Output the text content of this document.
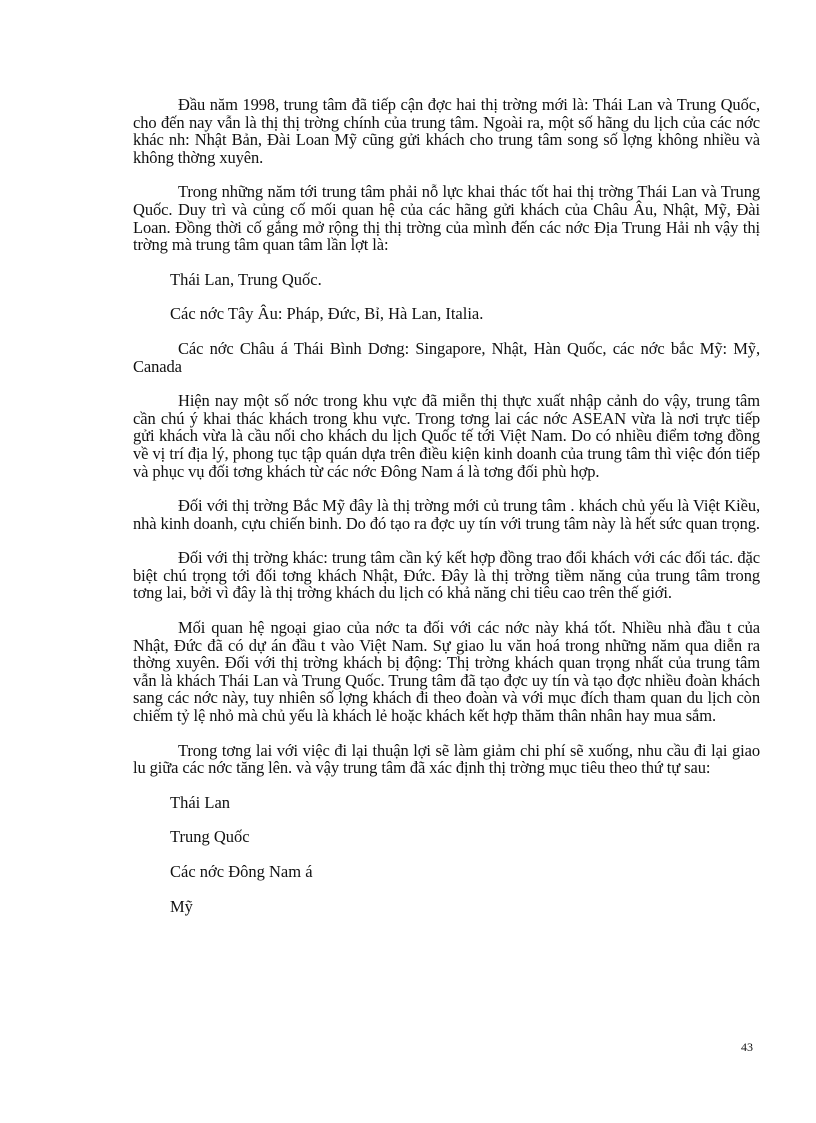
Đầu năm 1998, trung tâm đã tiếp cận đợc hai thị trờng mới là: Thái Lan và Trung Quốc, cho đến nay vẫn là thị thị trờng chính của trung tâm. Ngoài ra, một số hãng du lịch của các nớc khác nh: Nhật Bản, Đài Loan Mỹ cũng gửi khách cho trung tâm song số lợng không nhiều và không thờng xuyên.

Trong những năm tới trung tâm phải nỗ lực khai thác tốt hai thị trờng Thái Lan và Trung Quốc. Duy trì và củng cố mối quan hệ của các hãng gửi khách của Châu Âu, Nhật, Mỹ, Đài Loan. Đồng thời cố gắng mở rộng thị thị trờng của mình đến các nớc Địa Trung Hải nh vậy thị trờng mà trung tâm quan tâm lần lợt là:

Thái Lan, Trung Quốc.

Các nớc Tây Âu: Pháp, Đức, Bỉ, Hà Lan, Italia.

Các nớc Châu á Thái Bình Dơng: Singapore, Nhật, Hàn Quốc, các nớc bắc Mỹ: Mỹ, Canada

Hiện nay một số nớc trong khu vực đã miễn thị thực xuất nhập cảnh do vậy, trung tâm cần chú ý khai thác khách trong khu vực. Trong tơng lai các nớc ASEAN vừa là nơi trực tiếp gửi khách vừa là cầu nối cho khách du lịch Quốc tế tới Việt Nam. Do có nhiều điểm tơng đồng về vị trí địa lý, phong tục tập quán dựa trên điều kiện kinh doanh của trung tâm thì việc đón tiếp và phục vụ đối tơng khách từ các nớc Đông Nam á là tơng đối phù hợp.

Đối với thị trờng Bắc Mỹ đây là thị trờng mới củ trung tâm . khách chủ yếu là Việt Kiều, nhà kinh doanh, cựu chiến binh. Do đó tạo ra đợc uy tín với trung tâm này là hết sức quan trọng.

Đối với thị trờng khác: trung tâm cần ký kết hợp đồng trao đổi khách với các đối tác. đặc biệt chú trọng tới đối tơng khách Nhật, Đức. Đây là thị trờng tiềm năng của trung tâm trong tơng lai, bởi vì đây là thị trờng khách du lịch có khả năng chi tiêu cao trên thế giới.

Mối quan hệ ngoại giao của nớc ta đối với các nớc này khá tốt. Nhiều nhà đầu t của Nhật, Đức đã có dự án đầu t vào Việt Nam. Sự giao lu văn hoá trong những năm qua diễn ra thờng xuyên. Đối với thị trờng khách bị động: Thị trờng khách quan trọng nhất của trung tâm vẫn là khách Thái Lan và Trung Quốc. Trung tâm đã tạo đợc uy tín và tạo đợc nhiều đoàn khách sang các nớc này, tuy nhiên số lợng khách đi theo đoàn và với mục đích tham quan du lịch còn chiếm tỷ lệ nhỏ mà chủ yếu là khách lẻ hoặc khách kết hợp thăm thân nhân hay mua sắm.

Trong tơng lai với việc đi lại thuận lợi sẽ làm giảm chi phí sẽ xuống, nhu cầu đi lại giao lu giữa các nớc tăng lên. và vậy trung tâm đã xác định thị trờng mục tiêu theo thứ tự sau:

Thái Lan

Trung Quốc

Các nớc Đông Nam á

Mỹ

43
